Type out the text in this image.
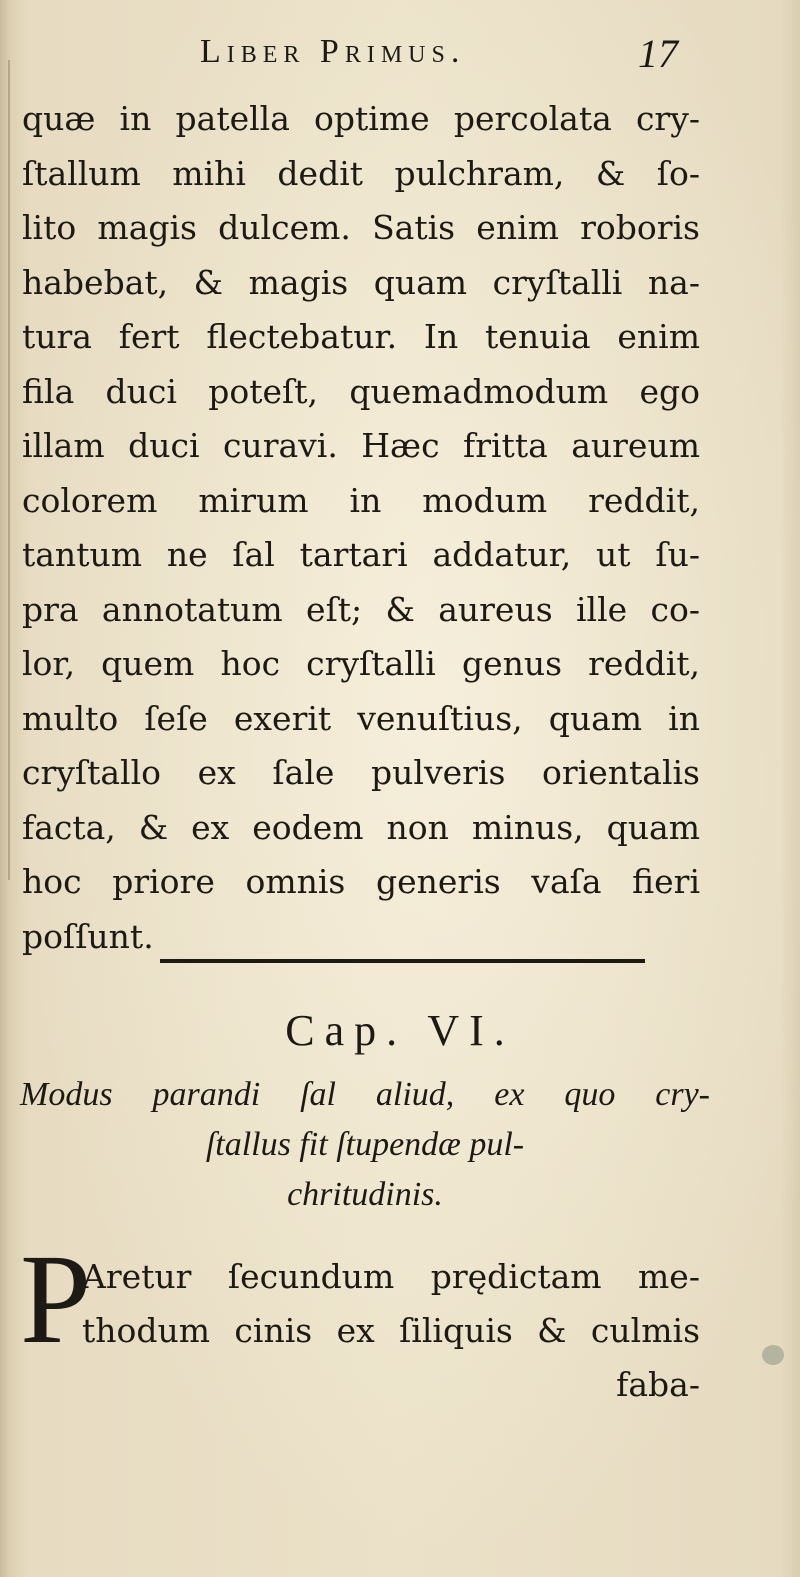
Liber Primus.	17
quæ in patella optime percolata cry-
ſtallum mihi dedit pulchram, & ſo-
lito magis dulcem. Satis enim roboris
habebat, & magis quam cryſtalli na-
tura fert flectebatur. In tenuia enim
fila duci poteſt, quemadmodum ego
illam duci curavi. Hæc fritta aureum
colorem mirum in modum reddit,
tantum ne ſal tartari addatur, ut ſu-
pra annotatum eſt; & aureus ille co-
lor, quem hoc cryſtalli genus reddit,
multo ſeſe exerit venuſtius, quam in
cryſtallo ex ſale pulveris orientalis
facta, & ex eodem non minus, quam
hoc priore omnis generis vaſa fieri
poſſunt.
Cap. VI.
Modus parandi ſal aliud, ex quo cry-
ſtallus fit ſtupendæ pul-
chritudinis.
P
Aretur ſecundum prędictam me-
thodum cinis ex ſiliquis & culmis
faba-
